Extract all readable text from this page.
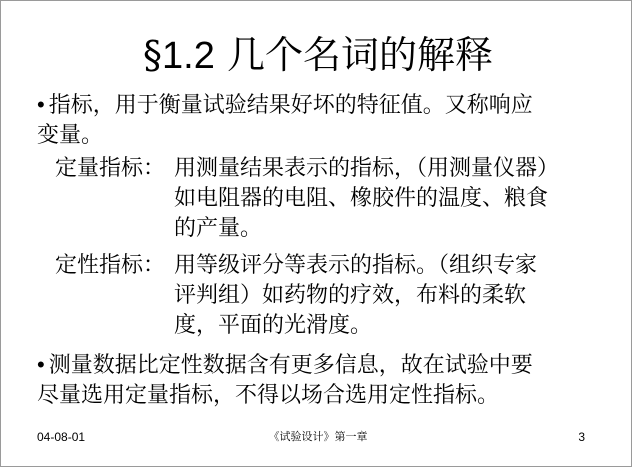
§1.2 几个名词的解释
• 指标，用于衡量试验结果好坏的特征值。又称响应
变量。
定量指标： 用测量结果表示的指标，（用测量仪器）
如电阻器的电阻、橡胶件的温度、粮食
的产量。
定性指标： 用等级评分等表示的指标。（组织专家
评判组）如药物的疗效，布料的柔软
度，平面的光滑度。
• 测量数据比定性数据含有更多信息，故在试验中要
尽量选用定量指标，不得以场合选用定性指标。
04-08-01	《试验设计》第一章	3
